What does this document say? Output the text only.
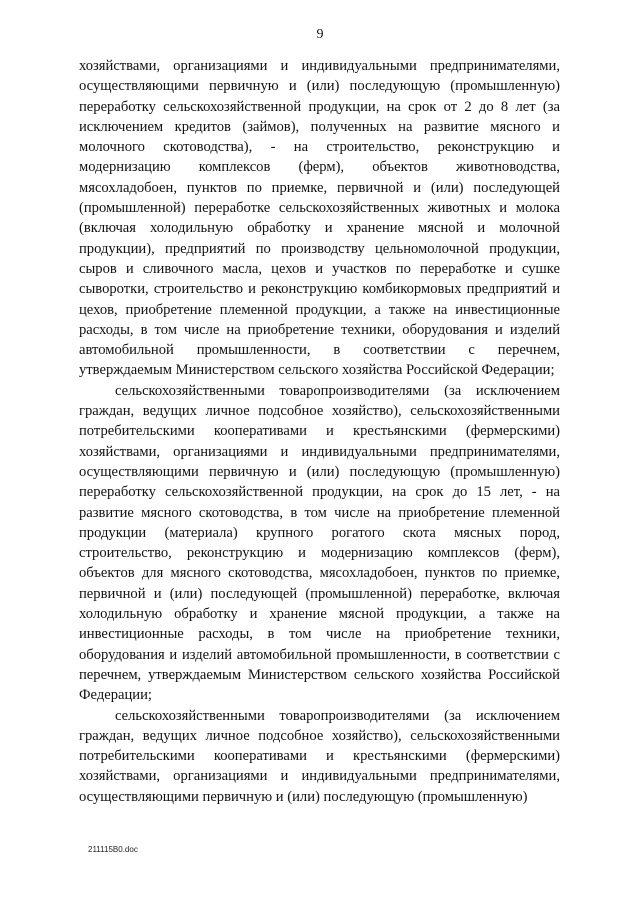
9

хозяйствами, организациями и индивидуальными предпринимателями, осуществляющими первичную и (или) последующую (промышленную) переработку сельскохозяйственной продукции, на срок от 2 до 8 лет (за исключением кредитов (займов), полученных на развитие мясного и молочного скотоводства), - на строительство, реконструкцию и модернизацию комплексов (ферм), объектов животноводства, мясохладобоен, пунктов по приемке, первичной и (или) последующей (промышленной) переработке сельскохозяйственных животных и молока (включая холодильную обработку и хранение мясной и молочной продукции), предприятий по производству цельномолочной продукции, сыров и сливочного масла, цехов и участков по переработке и сушке сыворотки, строительство и реконструкцию комбикормовых предприятий и цехов, приобретение племенной продукции, а также на инвестиционные расходы, в том числе на приобретение техники, оборудования и изделий автомобильной промышленности, в соответствии с перечнем, утверждаемым Министерством сельского хозяйства Российской Федерации;

сельскохозяйственными товаропроизводителями (за исключением граждан, ведущих личное подсобное хозяйство), сельскохозяйственными потребительскими кооперативами и крестьянскими (фермерскими) хозяйствами, организациями и индивидуальными предпринимателями, осуществляющими первичную и (или) последующую (промышленную) переработку сельскохозяйственной продукции, на срок до 15 лет, - на развитие мясного скотоводства, в том числе на приобретение племенной продукции (материала) крупного рогатого скота мясных пород, строительство, реконструкцию и модернизацию комплексов (ферм), объектов для мясного скотоводства, мясохладобоен, пунктов по приемке, первичной и (или) последующей (промышленной) переработке, включая холодильную обработку и хранение мясной продукции, а также на инвестиционные расходы, в том числе на приобретение техники, оборудования и изделий автомобильной промышленности, в соответствии с перечнем, утверждаемым Министерством сельского хозяйства Российской Федерации;

сельскохозяйственными товаропроизводителями (за исключением граждан, ведущих личное подсобное хозяйство), сельскохозяйственными потребительскими кооперативами и крестьянскими (фермерскими) хозяйствами, организациями и индивидуальными предпринимателями, осуществляющими первичную и (или) последующую (промышленную)

211115B0.doc
